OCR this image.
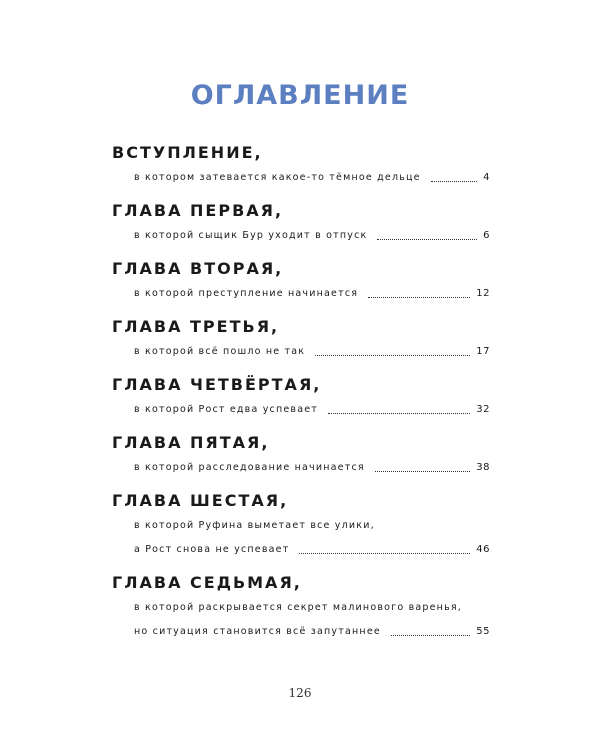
ОГЛАВЛЕНИЕ
ВСТУПЛЕНИЕ,
в котором затевается какое-то тёмное дельце	4
ГЛАВА ПЕРВАЯ,
в которой сыщик Бур уходит в отпуск	6
ГЛАВА ВТОРАЯ,
в которой преступление начинается	12
ГЛАВА ТРЕТЬЯ,
в которой всё пошло не так	17
ГЛАВА ЧЕТВЁРТАЯ,
в которой Рост едва успевает	32
ГЛАВА ПЯТАЯ,
в которой расследование начинается	38
ГЛАВА ШЕСТАЯ,
в которой Руфина выметает все улики,
а Рост снова не успевает	46
ГЛАВА СЕДЬМАЯ,
в которой раскрывается секрет малинового варенья,
но ситуация становится всё запутаннее	55
126
